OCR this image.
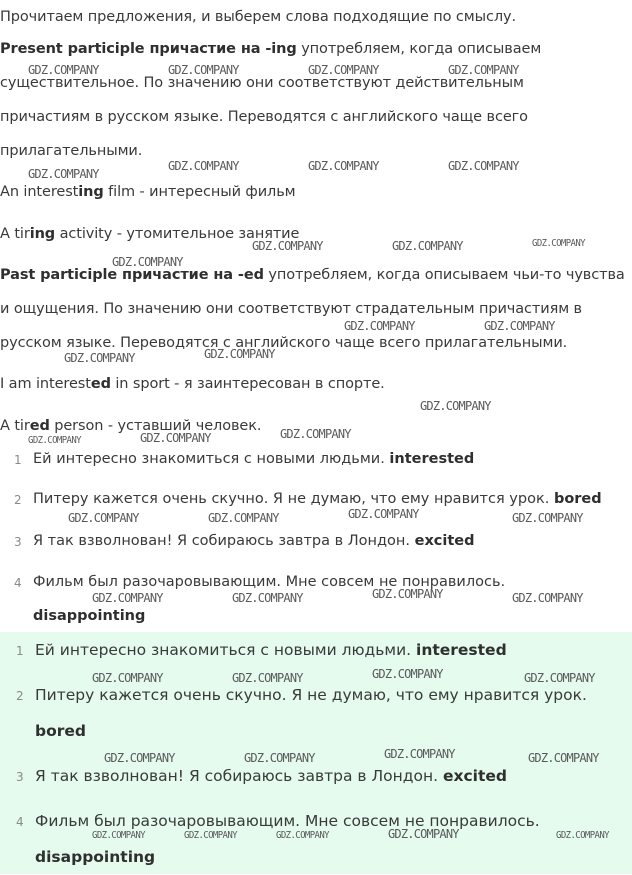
Прочитаем предложения, и выберем слова подходящие по смыслу.

Present participle причастие на -ing употребляем, когда описываем существительное. По значению они соответствуют действительным

причастиям в русском языке. Переводятся с английского чаще всего

прилагательными.

An interesting film - интересный фильм

A tiring activity - утомительное занятие

Past participle причастие на -ed употребляем, когда описываем чьи-то чувства

и ощущения. По значению они соответствуют страдательным причастиям в

русском языке. Переводятся с английского чаще всего прилагательными.

I am interested in sport - я заинтересован в спорте.

A tired person - уставший человек.

1 Ей интересно знакомиться с новыми людьми. interested
2 Питеру кажется очень скучно. Я не думаю, что ему нравится урок. bored
3 Я так взволнован! Я собираюсь завтра в Лондон. excited
4 Фильм был разочаровывающим. Мне совсем не понравилось. disappointing
1 Ей интересно знакомиться с новыми людьми. interested
2 Питеру кажется очень скучно. Я не думаю, что ему нравится урок. bored
3 Я так взволнован! Я собираюсь завтра в Лондон. excited
4 Фильм был разочаровывающим. Мне совсем не понравилось. disappointing
GDZ.COMPANY	GDZ.COMPANY	GDZ.COMPANY	GDZ.COMPANY
GDZ.COMPANY
GDZ.COMPANY	GDZ.COMPANY	GDZ.COMPANY
GDZ.COMPANY	GDZ.COMPANY	GDZ.COMPANY
GDZ.COMPANY
GDZ.COMPANY	GDZ.COMPANY
GDZ.COMPANY	GDZ.COMPANY
GDZ.COMPANY
GDZ.COMPANY	GDZ.COMPANY	GDZ.COMPANY
GDZ.COMPANY	GDZ.COMPANY	GDZ.COMPANY	GDZ.COMPANY
GDZ.COMPANY	GDZ.COMPANY	GDZ.COMPANY	GDZ.COMPANY
GDZ.COMPANY	GDZ.COMPANY	GDZ.COMPANY	GDZ.COMPANY
GDZ.COMPANY	GDZ.COMPANY	GDZ.COMPANY	GDZ.COMPANY
GDZ.COMPANY	GDZ.COMPANY	GDZ.COMPANY	GDZ.COMPANY	GDZ.COMPANY
